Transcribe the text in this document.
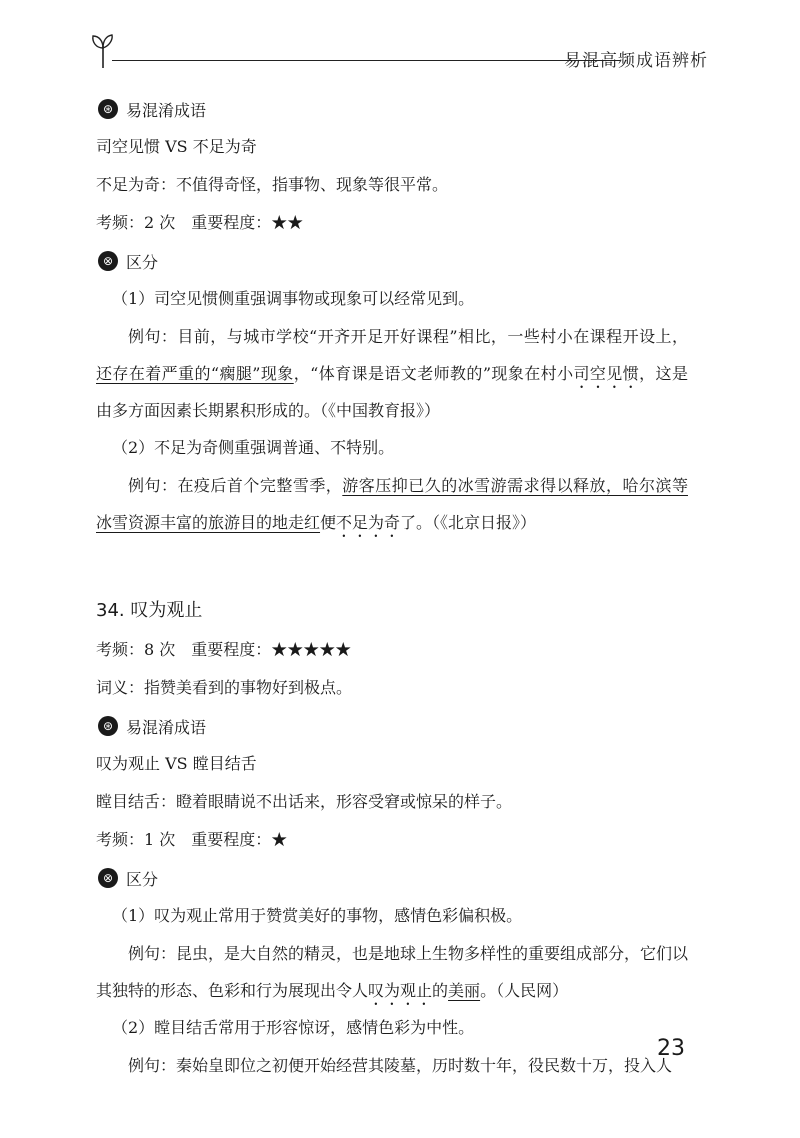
易混高频成语辨析
⊛ 易混淆成语

司空见惯 VS 不足为奇

不足为奇：不值得奇怪，指事物、现象等很平常。

考频：2 次　重要程度：★★

⊗ 区分

（1）司空见惯侧重强调事物或现象可以经常见到。

例句：目前，与城市学校“开齐开足开好课程”相比，一些村小在课程开设上，还存在着严重的“瘸腿”现象，“体育课是语文老师教的”现象在村小司空见惯，这是由多方面因素长期累积形成的。（《中国教育报》）

（2）不足为奇侧重强调普通、不特别。

例句：在疫后首个完整雪季，游客压抑已久的冰雪游需求得以释放，哈尔滨等冰雪资源丰富的旅游目的地走红便不足为奇了。（《北京日报》）

34. 叹为观止

考频：8 次　重要程度：★★★★★

词义：指赞美看到的事物好到极点。

⊛ 易混淆成语

叹为观止 VS 瞠目结舌

瞠目结舌：瞪着眼睛说不出话来，形容受窘或惊呆的样子。

考频：1 次　重要程度：★

⊗ 区分

（1）叹为观止常用于赞赏美好的事物，感情色彩偏积极。

例句：昆虫，是大自然的精灵，也是地球上生物多样性的重要组成部分，它们以其独特的形态、色彩和行为展现出令人叹为观止的美丽。（人民网）

（2）瞠目结舌常用于形容惊讶，感情色彩为中性。

例句：秦始皇即位之初便开始经营其陵墓，历时数十年，役民数十万，投入人

23
